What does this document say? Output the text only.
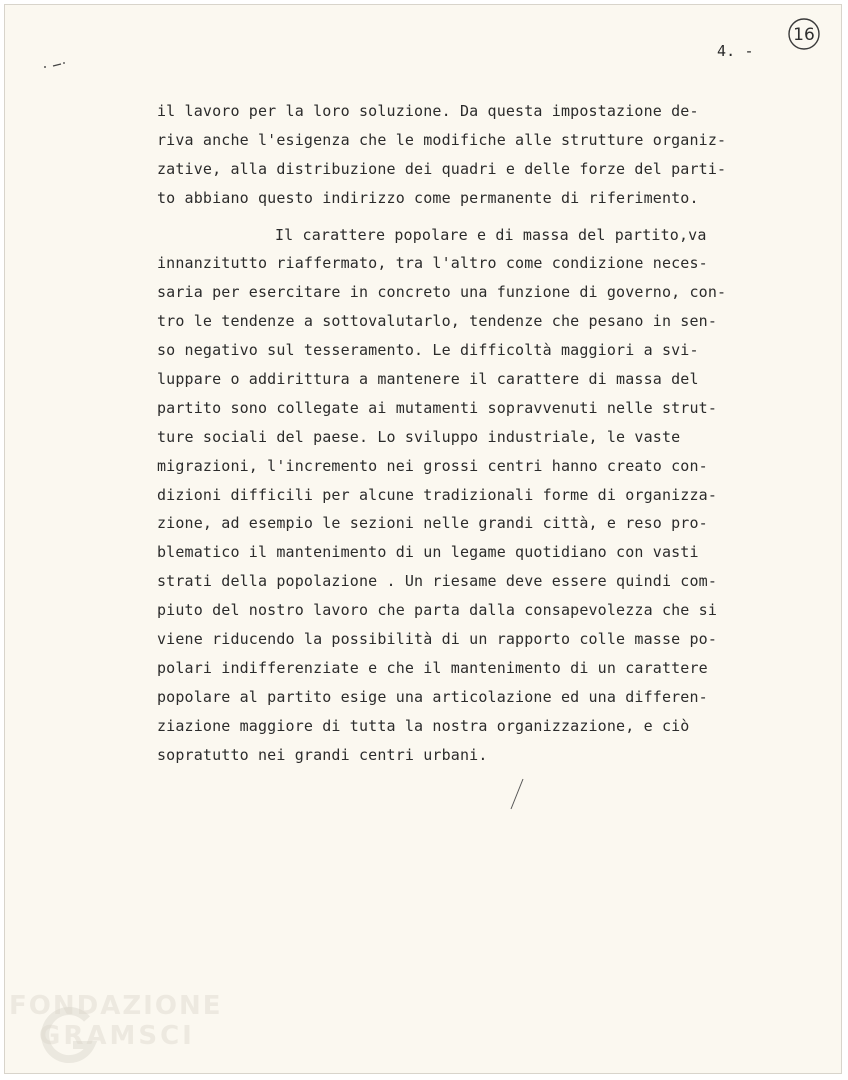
4. -
16
il lavoro per la loro soluzione. Da questa impostazione de-
riva anche l'esigenza che le modifiche alle strutture organiz-
zative, alla distribuzione dei quadri e delle forze del parti-
to abbiano questo indirizzo come permanente di riferimento.
Il carattere popolare e di massa del partito,va
innanzitutto riaffermato, tra l'altro come condizione neces-
saria per esercitare in concreto una funzione di governo, con-
tro le tendenze a sottovalutarlo, tendenze che pesano in sen-
so negativo sul tesseramento. Le difficoltà maggiori a svi-
luppare o addirittura a mantenere il carattere di massa del
partito sono collegate ai mutamenti sopravvenuti nelle strut-
ture sociali del paese. Lo sviluppo industriale, le vaste
migrazioni, l'incremento nei grossi centri hanno creato con-
dizioni difficili per alcune tradizionali forme di organizza-
zione, ad esempio le sezioni nelle grandi città, e reso pro-
blematico il mantenimento di un legame quotidiano con vasti
strati della popolazione . Un riesame deve essere quindi com-
piuto del nostro lavoro che parta dalla consapevolezza che si
viene riducendo la possibilità di un rapporto colle masse po-
polari indifferenziate e che il mantenimento di un carattere
popolare al partito esige una articolazione ed una differen-
ziazione maggiore di tutta la nostra organizzazione, e ciò
sopratutto nei grandi centri urbani.
FONDAZIONE
GRAMSCI
